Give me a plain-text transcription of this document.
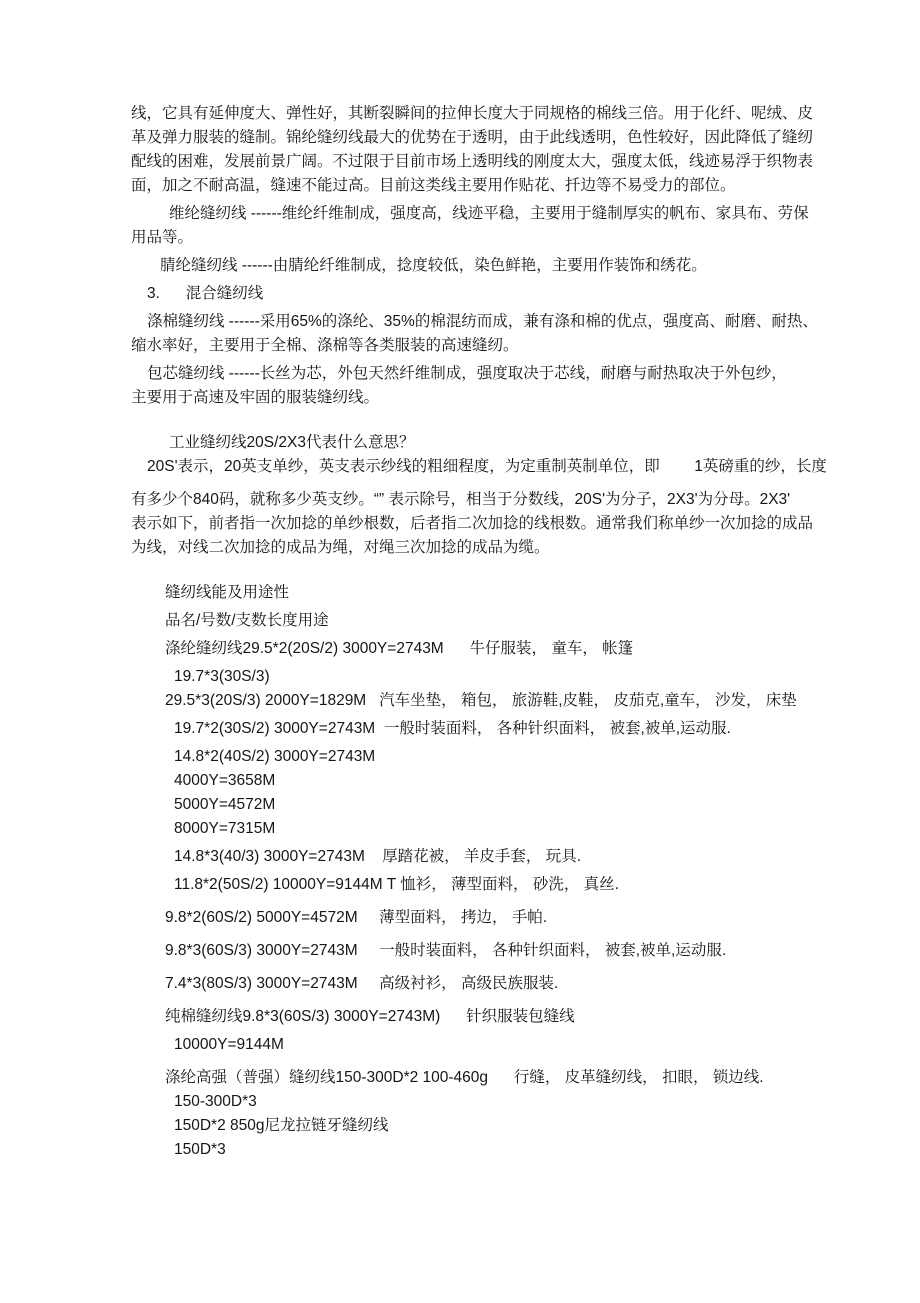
线，它具有延伸度大、弹性好，其断裂瞬间的拉伸长度大于同规格的棉线三倍。用于化纤、呢绒、皮
革及弹力服装的缝制。锦纶缝纫线最大的优势在于透明，由于此线透明，色性较好，因此降低了缝纫
配线的困难，发展前景广阔。不过限于目前市场上透明线的刚度太大，强度太低，线迹易浮于织物表
面，加之不耐高温，缝速不能过高。目前这类线主要用作贴花、扦边等不易受力的部位。
维纶缝纫线 ------维纶纤维制成，强度高，线迹平稳，主要用于缝制厚实的帆布、家具布、劳保
用品等。
腈纶缝纫线 ------由腈纶纤维制成，捻度较低，染色鲜艳，主要用作装饰和绣花。
3.      混合缝纫线
涤棉缝纫线 ------采用65%的涤纶、35%的棉混纺而成，兼有涤和棉的优点，强度高、耐磨、耐热、
缩水率好，主要用于全棉、涤棉等各类服装的高速缝纫。
包芯缝纫线 ------长丝为芯，外包天然纤维制成，强度取决于芯线，耐磨与耐热取决于外包纱，
主要用于高速及牢固的服装缝纫线。
工业缝纫线20S/2X3代表什么意思？
20S'表示，20英支单纱，英支表示纱线的粗细程度，为定重制英制单位，即        1英磅重的纱，长度
有多少个840码，就称多少英支纱。“” 表示除号，相当于分数线，20S'为分子，2X3'为分母。2X3'
表示如下，前者指一次加捻的单纱根数，后者指二次加捻的线根数。通常我们称单纱一次加捻的成品
为线，对线二次加捻的成品为绳，对绳三次加捻的成品为缆。
缝纫线能及用途性
品名/号数/支数长度用途
涤纶缝纫线29.5*2(20S/2) 3000Y=2743M      牛仔服装， 童车， 帐篷
19.7*3(30S/3)
29.5*3(20S/3) 2000Y=1829M   汽车坐垫， 箱包， 旅游鞋,皮鞋， 皮茄克,童车， 沙发， 床垫
19.7*2(30S/2) 3000Y=2743M  一般时装面料， 各种针织面料， 被套,被单,运动服.
14.8*2(40S/2) 3000Y=2743M
4000Y=3658M
5000Y=4572M
8000Y=7315M
14.8*3(40/3) 3000Y=2743M    厚踏花被， 羊皮手套， 玩具.
11.8*2(50S/2) 10000Y=9144M T 恤衫， 薄型面料， 砂洗， 真丝.
9.8*2(60S/2) 5000Y=4572M     薄型面料， 拷边， 手帕.
9.8*3(60S/3) 3000Y=2743M     一般时装面料， 各种针织面料， 被套,被单,运动服.
7.4*3(80S/3) 3000Y=2743M     高级衬衫， 高级民族服装.
纯棉缝纫线9.8*3(60S/3) 3000Y=2743M)      针织服装包缝线
10000Y=9144M
涤纶高强（普强）缝纫线150-300D*2 100-460g      行缝， 皮革缝纫线， 扣眼， 锁边线.
150-300D*3
150D*2 850g尼龙拉链牙缝纫线
150D*3
